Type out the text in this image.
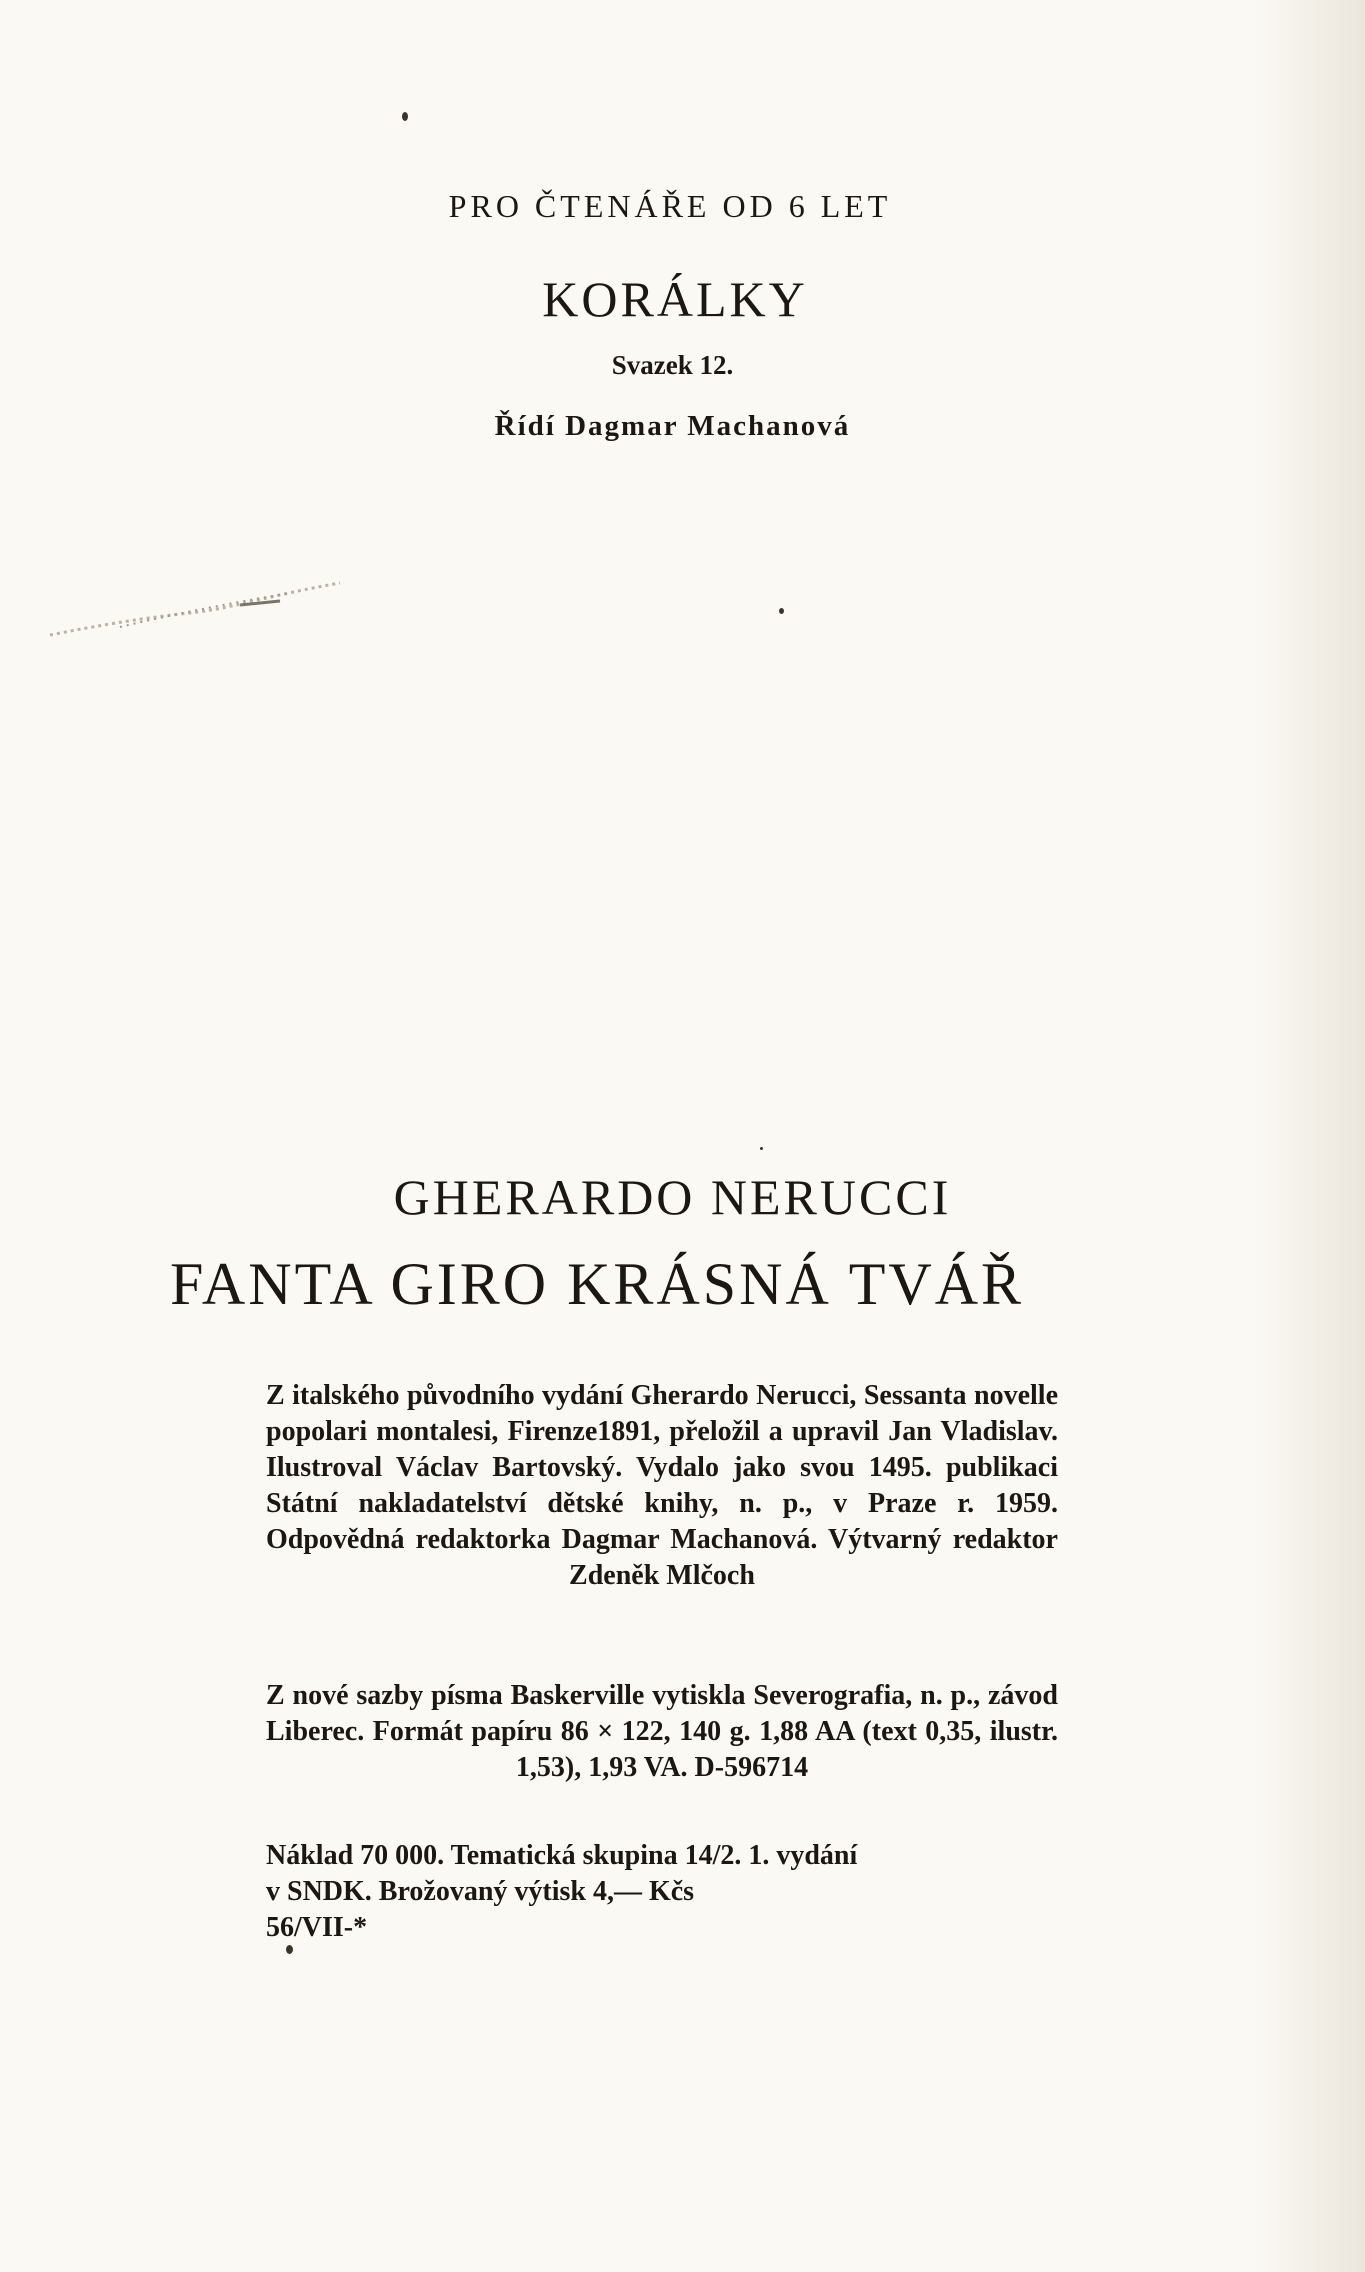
PRO ČTENÁŘE OD 6 LET
KORÁLKY
Svazek 12.
Řídí Dagmar Machanová
GHERARDO NERUCCI
FANTA GIRO KRÁSNÁ TVÁŘ

Z italského původního vydání Gherardo Nerucci, Sessanta novelle popolari montalesi, Firenze1891, přeložil a upravil Jan Vladislav. Ilustroval Václav Bartovský. Vydalo jako svou 1495. publikaci Státní nakladatelství dětské knihy, n. p., v Praze r. 1959. Odpovědná redaktorka Dagmar Machanová. Výtvarný redaktor Zdeněk Mlčoch

Z nové sazby písma Baskerville vytiskla Severografia, n. p., závod Liberec. Formát papíru 86 × 122, 140 g. 1,88 AA (text 0,35, ilustr. 1,53), 1,93 VA. D-596714

Náklad 70 000. Tematická skupina 14/2. 1. vydání
v SNDK. Brožovaný výtisk 4,— Kčs
56/VII-*
